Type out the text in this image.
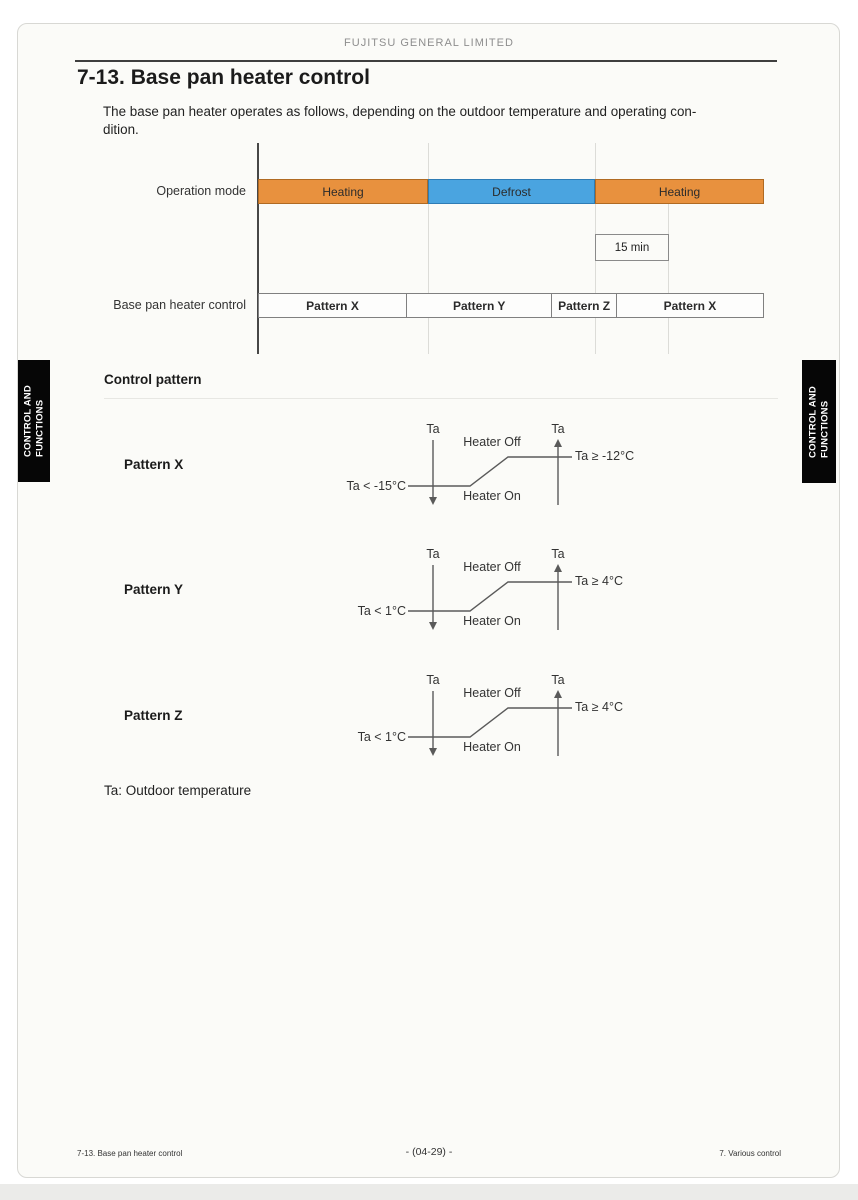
FUJITSU GENERAL LIMITED
7-13. Base pan heater control
The base pan heater operates as follows, depending on the outdoor temperature and operating con-
dition.
Operation mode	Heating	Defrost	Heating
15 min
Base pan heater control	Pattern X	Pattern Y	Pattern Z	Pattern X
Control pattern
Pattern X
Ta	Ta
Heater Off
Heater On
Ta < -15°C
Ta ≥ -12°C
Pattern Y
Ta	Ta
Heater Off
Heater On
Ta < 1°C
Ta ≥ 4°C
Pattern Z
Ta	Ta
Heater Off
Heater On
Ta < 1°C
Ta ≥ 4°C
Ta: Outdoor temperature
CONTROL AND FUNCTIONS	CONTROL AND FUNCTIONS
7-13. Base pan heater control	- (04-29) -	7. Various control
